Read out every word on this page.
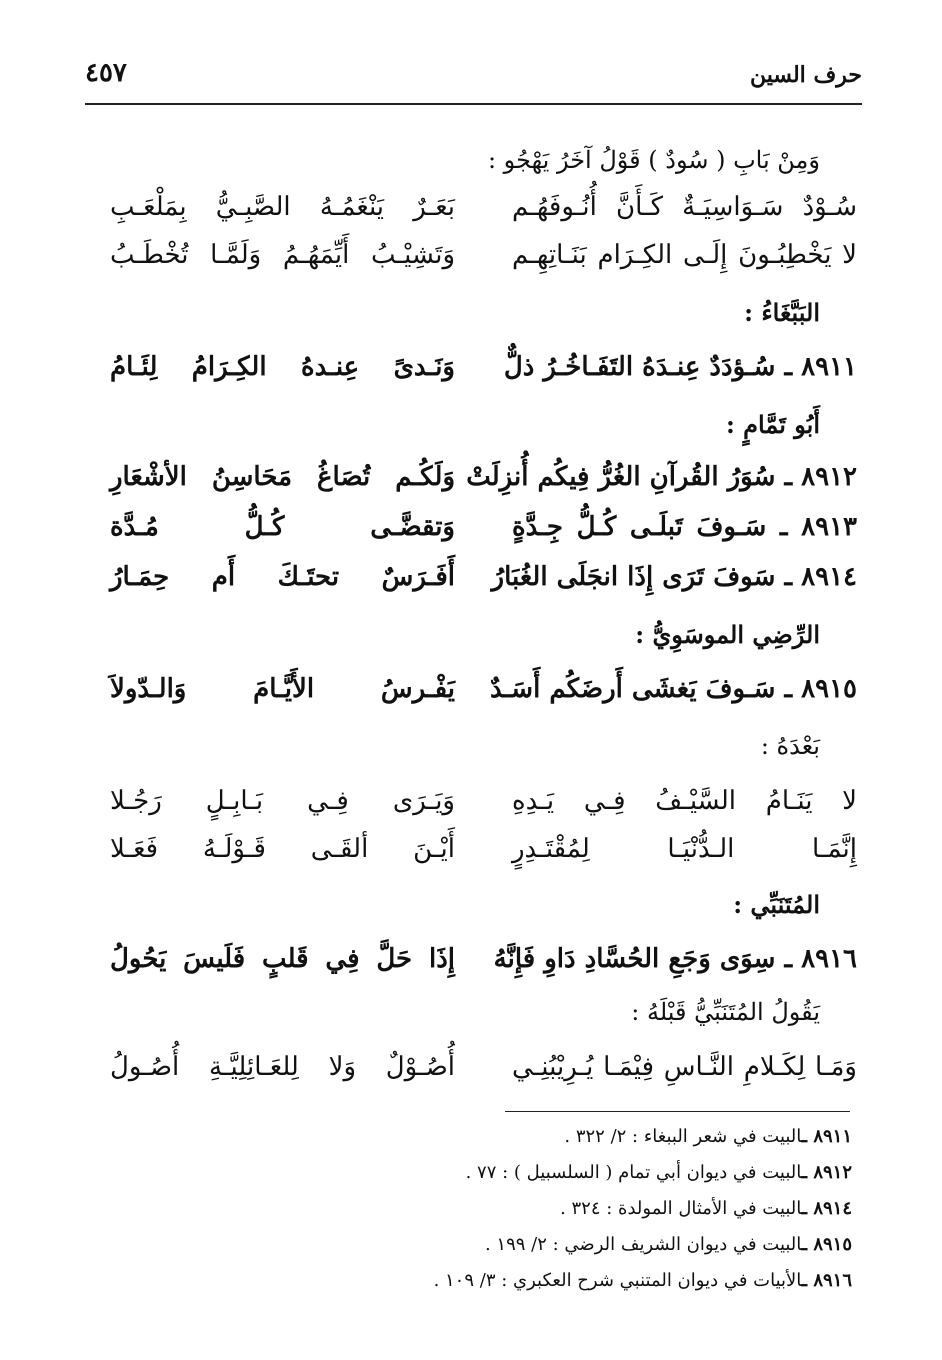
حرف السين
٤٥٧
وَمِنْ بَابِ ( سُودٌ ) قَوْلُ آخَرُ يَهْجُو :
سُـوْدٌ سَـوَاسِيَـةٌ كَـأَنَّ أُنُـوفَهُـم
بَعَـرٌ يَنْغَمُـهُ الصَّبِـيُّ بِمَلْعَـبِ
لا يَخْطِبُـونَ إِلَـى الكِـرَام بَنَـاتِهِـم
وَتَشِيْـبُ أَيِّمَهُـمُ وَلَمَّـا تُخْطَـبُ
البَبَّغَاءُ :
٨٩١١ ـ سُـؤدَدٌ عِنـدَهُ التَفَـاخُـرُ ذلٌّ
وَنَـدىً عِنـدهُ الكِـرَامُ لِئَـامُ
أَبُو تَمَّامٍ :
٨٩١٢ ـ سُوَرُ القُرآنِ الغُرُّ فِيكُم أُنزِلَتْ
وَلَكُـم تُصَاغُ مَحَاسِنُ الأشْعَارِ
٨٩١٣ ـ سَـوفَ تَبلَـى كُـلُّ جِـدَّةٍ
وَتقضَّـى كُـلُّ مُـدَّة
٨٩١٤ ـ سَوفَ تَرَى إِذَا انجَلَى الغُبَارُ
أَفَـرَسٌ تحتَـكَ أَم حِمَـارُ
الرِّضِي الموسَوِيُّ :
٨٩١٥ ـ سَـوفَ يَغشَى أَرضَكُم أَسَـدٌ
يَفْـرسُ الأَيَّـامَ وَالـدّولاَ
بَعْدَهُ :
لا يَنَـامُ السَّيْـفُ فِـي يَـدِهِ
وَيَـرَى فِـي بَـابِـلٍ رَجُـلا
إِنَّمَـا الـدُّنْيَـا لِمُقْتَـدِرٍ
أَيْـنَ ألقَـى قَـوْلَـهُ فَعَـلا
المُتَنَبِّي :
٨٩١٦ ـ سِوَى وَجَعِ الحُسَّادِ دَاوِ فَإِنَّهُ
إِذَا حَلَّ فِي قَلبٍ فَلَيسَ يَحُولُ
يَقُولُ المُتَنَبِّيُّ قَبْلَهُ :
وَمَـا لِكَـلامِ النَّـاسِ فِيْمَـا يُـرِيْبُنِـي
أُصُـوْلٌ وَلا لِلعَـائِلِيَّـةِ أُصُـولُ
٨٩١١ ـالبيت في شعر الببغاء : ٢/ ٣٢٢ .
٨٩١٢ ـالبيت في ديوان أبي تمام ( السلسبيل ) : ٧٧ .
٨٩١٤ ـالبيت في الأمثال المولدة : ٣٢٤ .
٨٩١٥ ـالبيت في ديوان الشريف الرضي : ٢/ ١٩٩ .
٨٩١٦ ـالأبيات في ديوان المتنبي شرح العكبري : ٣/ ١٠٩ .
